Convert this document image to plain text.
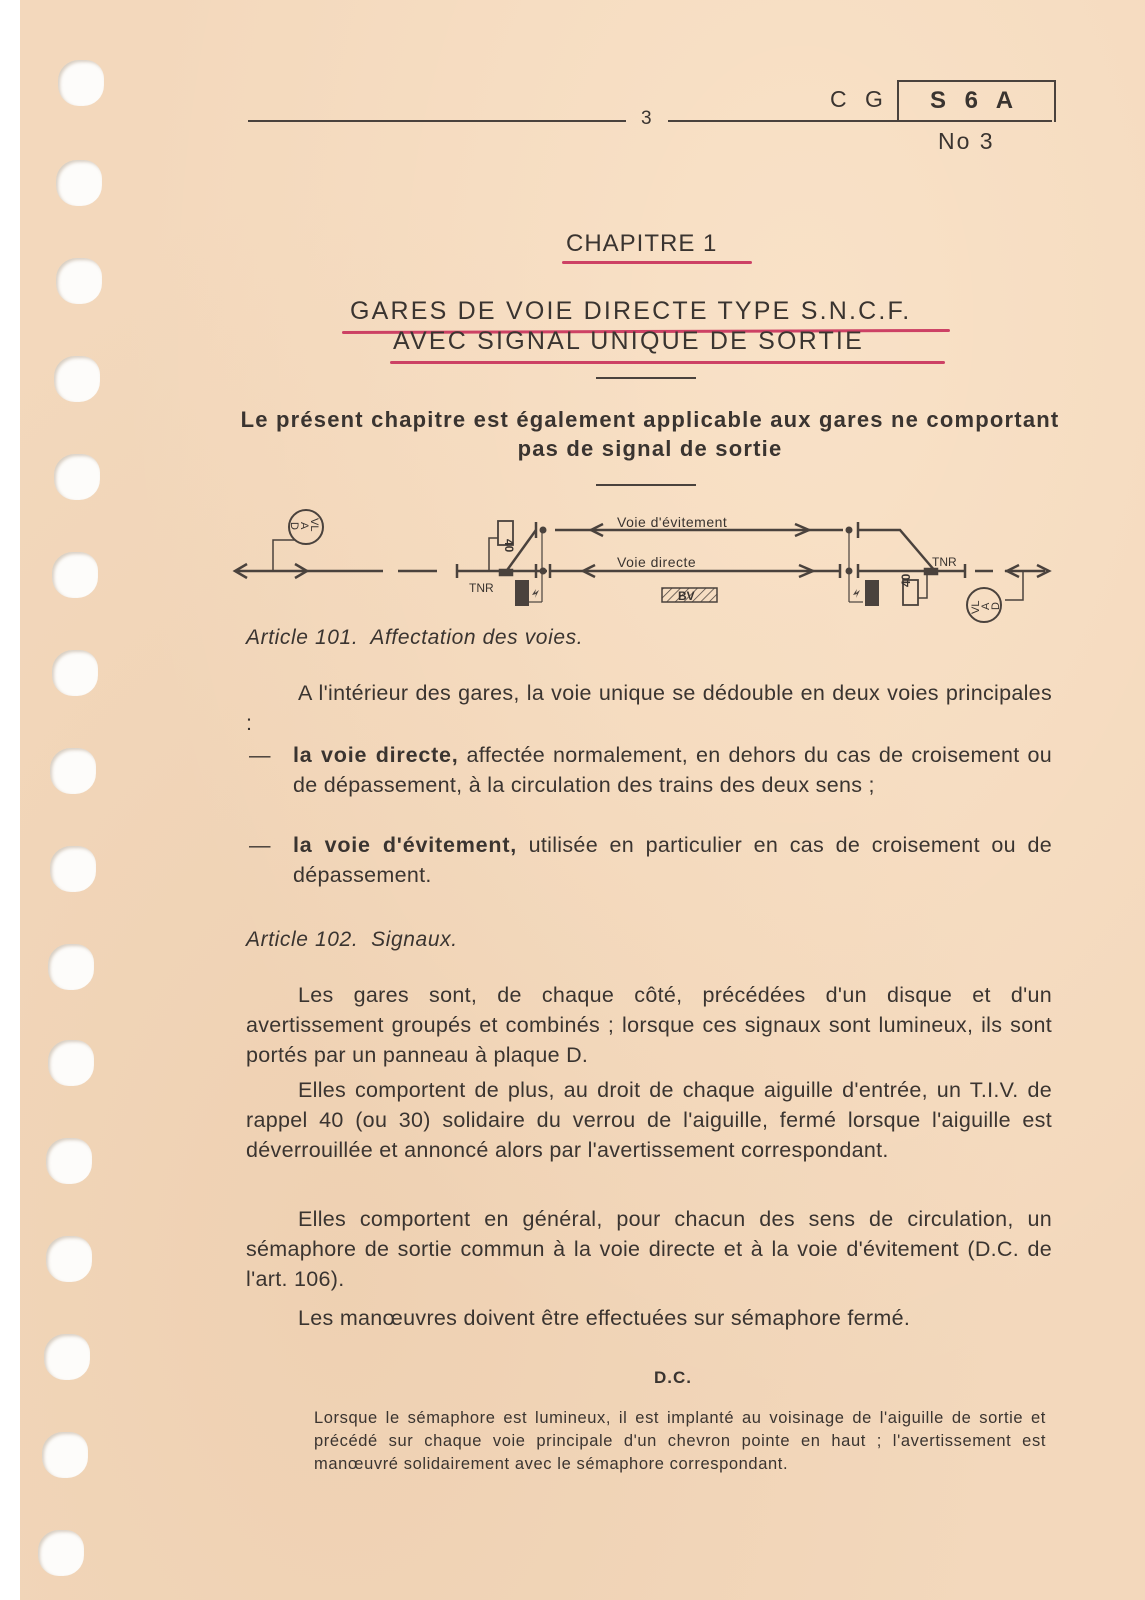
3
C G S 6 A
No 3
CHAPITRE 1
GARES DE VOIE DIRECTE TYPE S.N.C.F.
AVEC SIGNAL UNIQUE DE SORTIE
Le présent chapitre est également applicable aux gares ne comportant pas de signal de sortie
Voie d'évitement
Voie directe
TNR
TNR
BV
40
40
VL
A
D
VL
A
D
Article 101.  Affectation des voies.
A l'intérieur des gares, la voie unique se dédouble en deux voies principales :
— la voie directe, affectée normalement, en dehors du cas de croisement ou de dépassement, à la circulation des trains des deux sens ;
— la voie d'évitement, utilisée en particulier en cas de croisement ou de dépassement.
Article 102.  Signaux.
Les gares sont, de chaque côté, précédées d'un disque et d'un avertissement groupés et combinés ; lorsque ces signaux sont lumineux, ils sont portés par un panneau à plaque D.
Elles comportent de plus, au droit de chaque aiguille d'entrée, un T.I.V. de rappel 40 (ou 30) solidaire du verrou de l'aiguille, fermé lorsque l'aiguille est déverrouillée et annoncé alors par l'avertissement correspondant.
Elles comportent en général, pour chacun des sens de circulation, un sémaphore de sortie commun à la voie directe et à la voie d'évitement (D.C. de l'art. 106).
Les manœuvres doivent être effectuées sur sémaphore fermé.
D.C.
Lorsque le sémaphore est lumineux, il est implanté au voisinage de l'aiguille de sortie et précédé sur chaque voie principale d'un chevron pointe en haut ; l'avertissement est manœuvré solidairement avec le sémaphore correspondant.
